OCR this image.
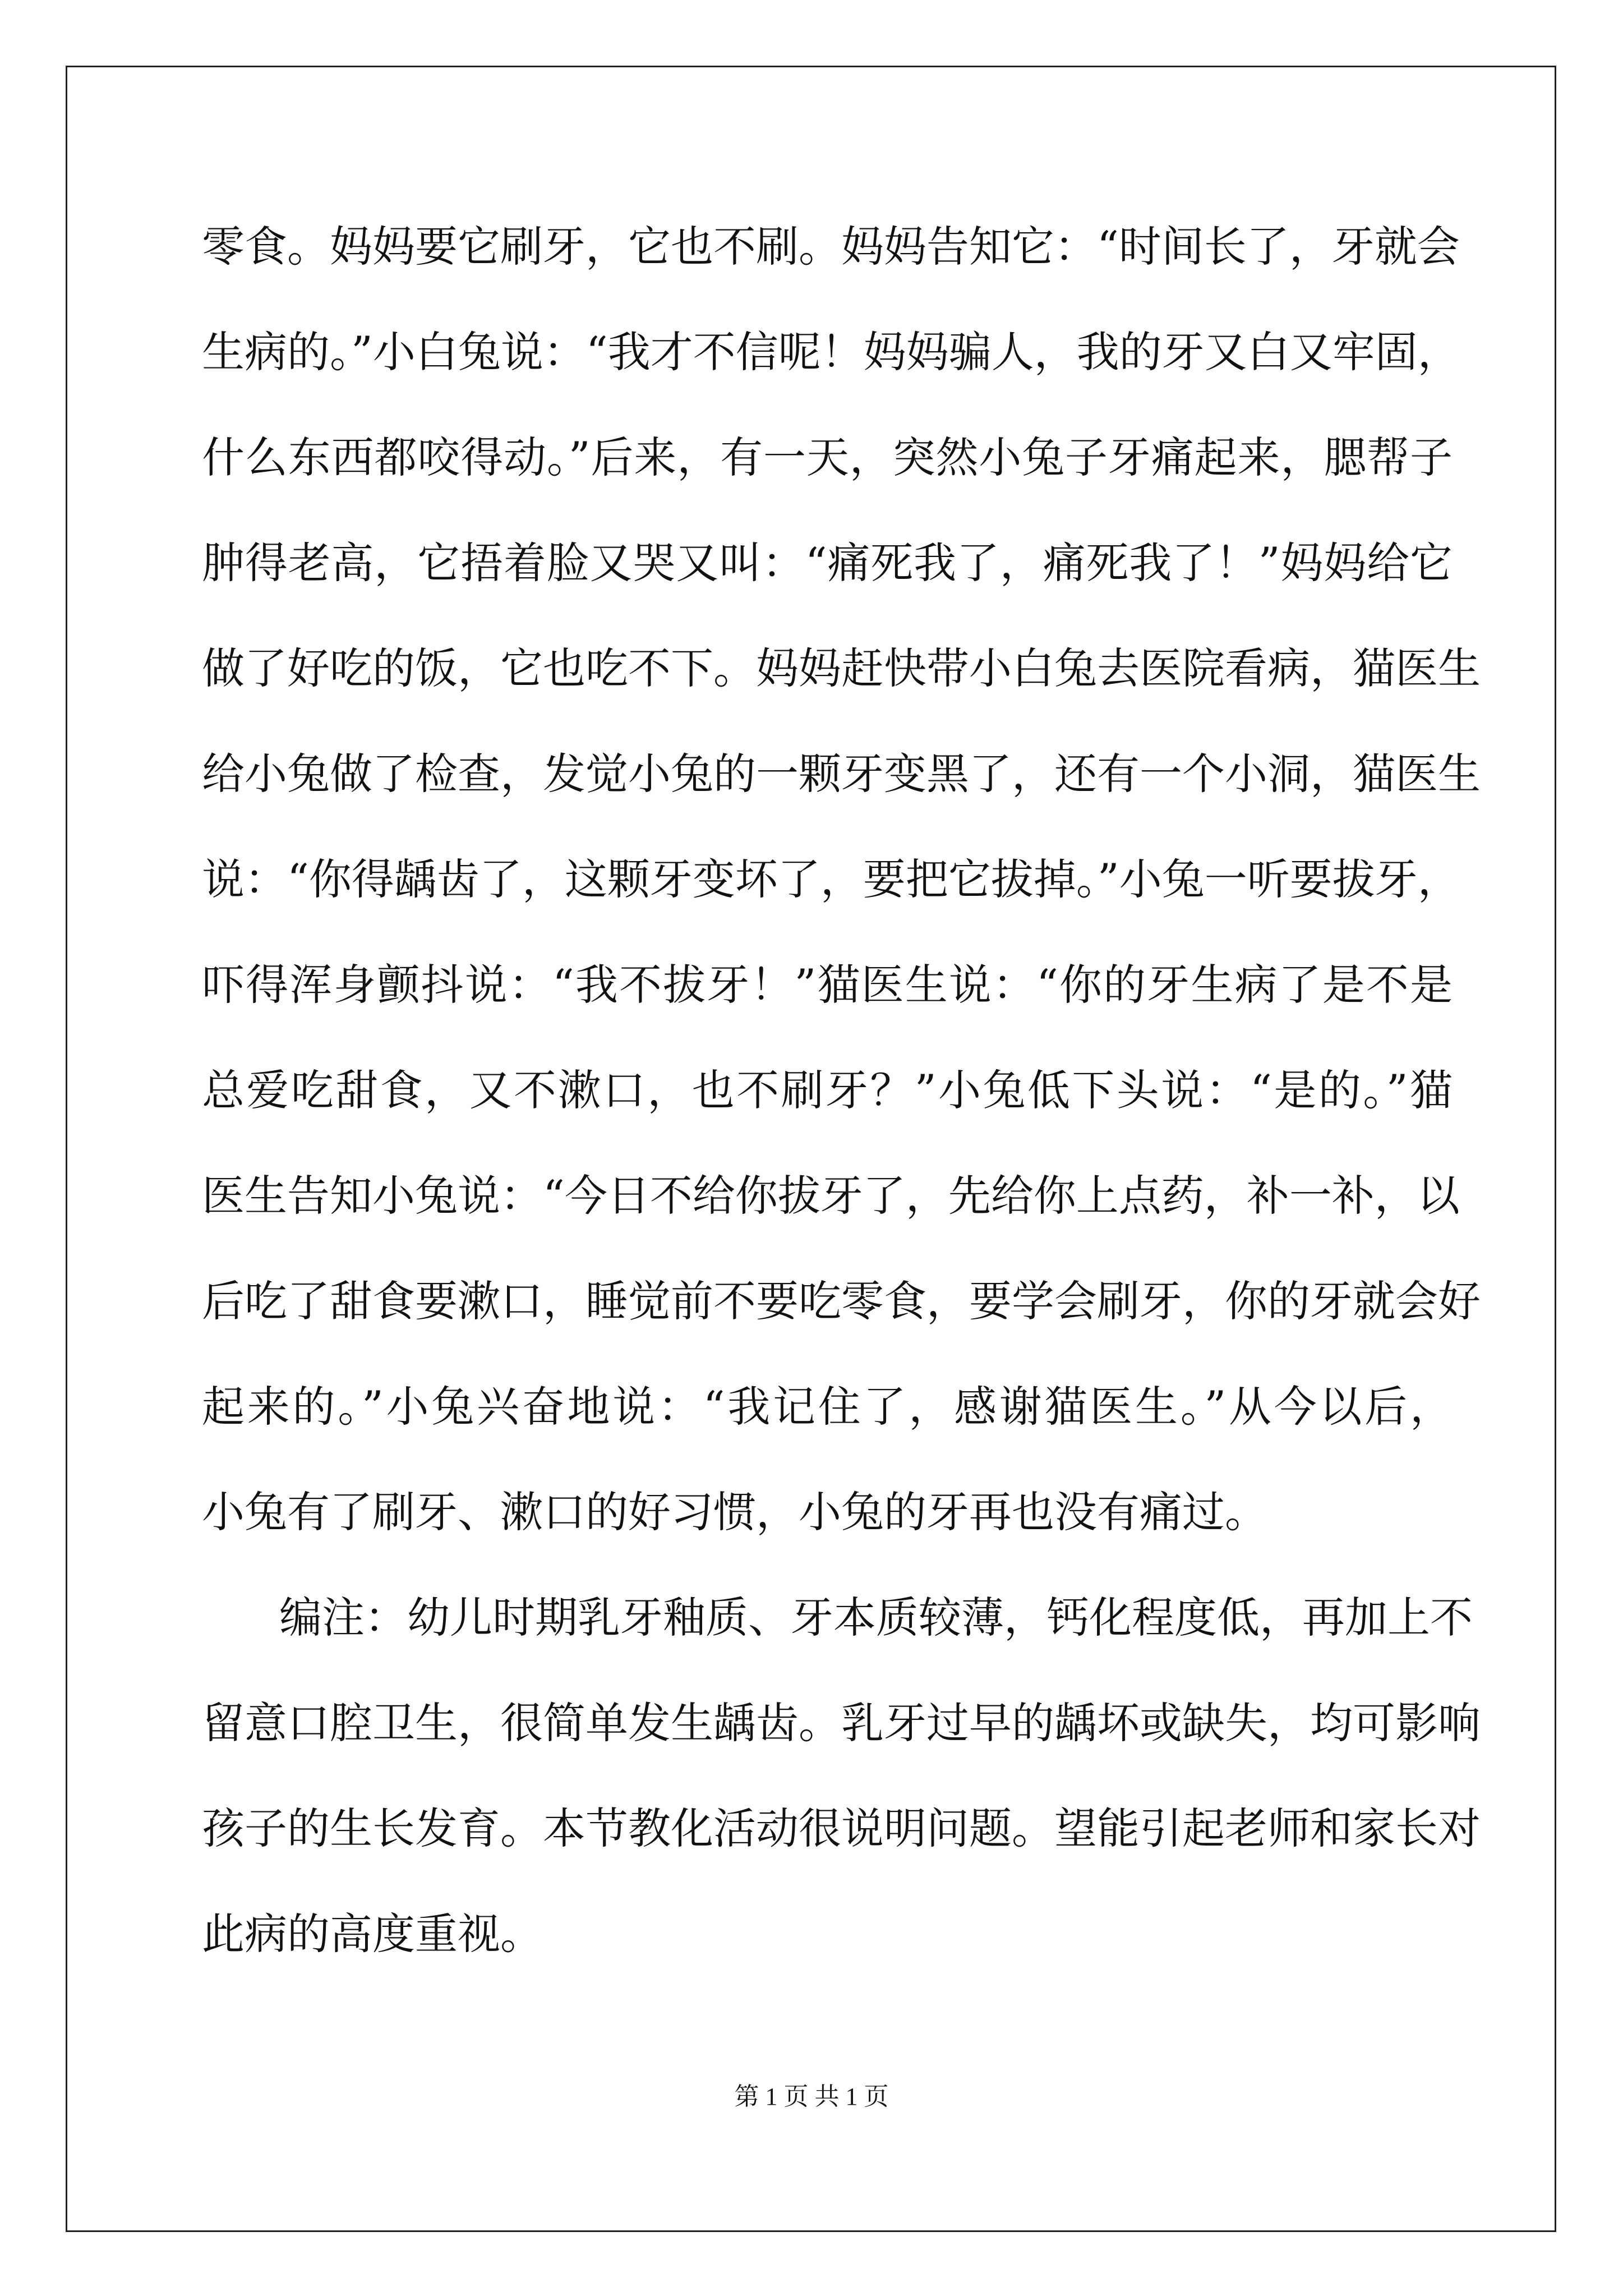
零食。妈妈要它刷牙，它也不刷。妈妈告知它：“时间长了，牙就会
生病的。”小白兔说：“我才不信呢！妈妈骗人，我的牙又白又牢固，
什么东西都咬得动。”后来，有一天，突然小兔子牙痛起来，腮帮子
肿得老高，它捂着脸又哭又叫：“痛死我了，痛死我了！”妈妈给它
做了好吃的饭，它也吃不下。妈妈赶快带小白兔去医院看病，猫医生
给小兔做了检查，发觉小兔的一颗牙变黑了，还有一个小洞，猫医生
说：“你得龋齿了，这颗牙变坏了，要把它拔掉。”小兔一听要拔牙，
吓得浑身颤抖说：“我不拔牙！”猫医生说：“你的牙生病了是不是
总爱吃甜食，又不漱口，也不刷牙？”小兔低下头说：“是的。”猫
医生告知小兔说：“今日不给你拔牙了，先给你上点药，补一补，以
后吃了甜食要漱口，睡觉前不要吃零食，要学会刷牙，你的牙就会好
起来的。”小兔兴奋地说：“我记住了，感谢猫医生。”从今以后，
小兔有了刷牙、漱口的好习惯，小兔的牙再也没有痛过。
编注：幼儿时期乳牙釉质、牙本质较薄，钙化程度低，再加上不
留意口腔卫生，很简单发生龋齿。乳牙过早的龋坏或缺失，均可影响
孩子的生长发育。本节教化活动很说明问题。望能引起老师和家长对
此病的高度重视。
第 1 页 共 1 页
